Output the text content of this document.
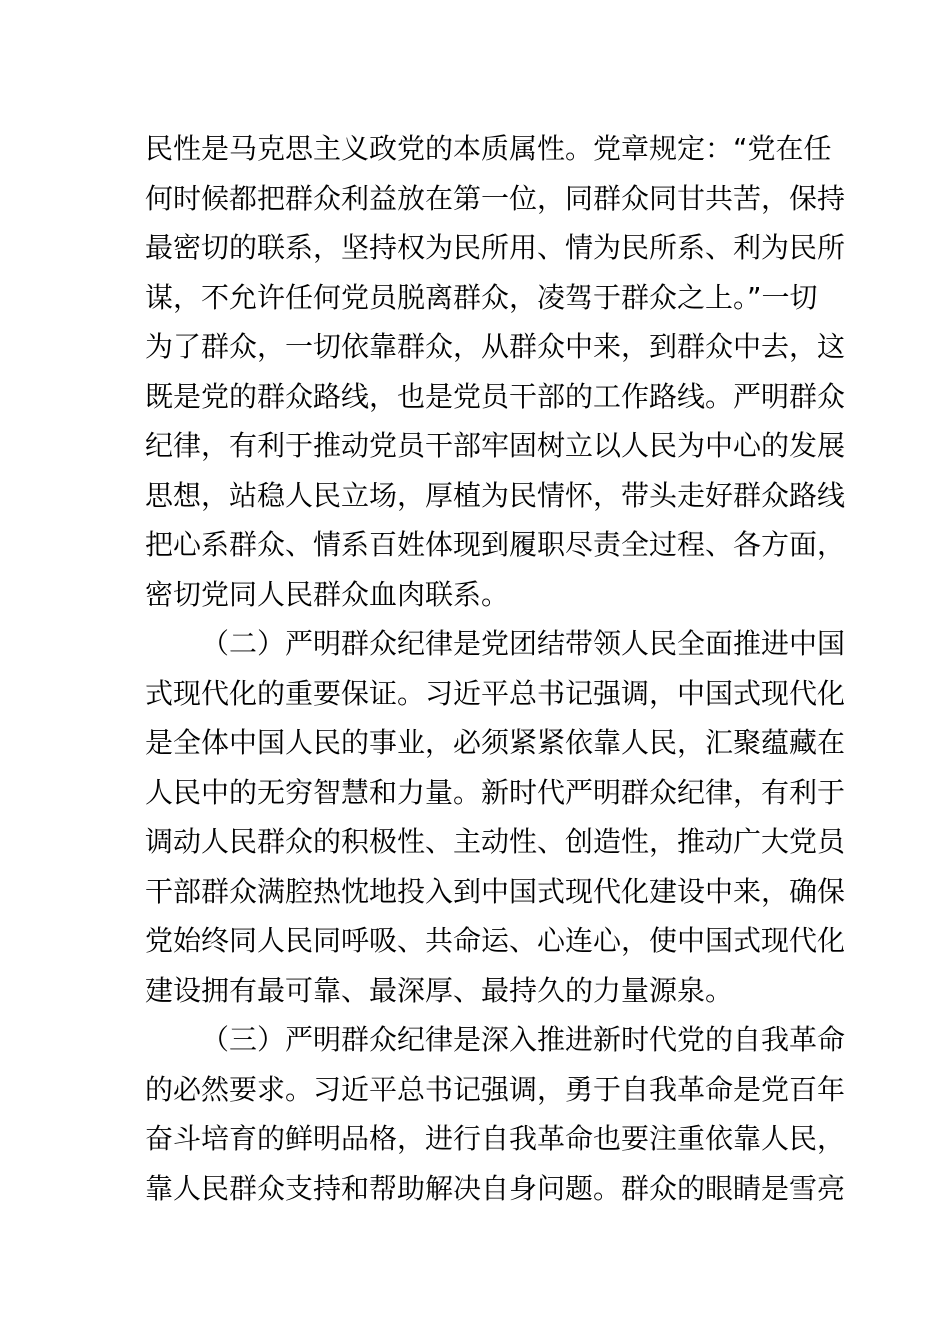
民性是马克思主义政党的本质属性。党章规定：“党在任
何时候都把群众利益放在第一位，同群众同甘共苦，保持
最密切的联系，坚持权为民所用、情为民所系、利为民所
谋，不允许任何党员脱离群众，凌驾于群众之上。”一切
为了群众，一切依靠群众，从群众中来，到群众中去，这
既是党的群众路线，也是党员干部的工作路线。严明群众
纪律，有利于推动党员干部牢固树立以人民为中心的发展
思想，站稳人民立场，厚植为民情怀，带头走好群众路线
把心系群众、情系百姓体现到履职尽责全过程、各方面，
密切党同人民群众血肉联系。
（二）严明群众纪律是党团结带领人民全面推进中国
式现代化的重要保证。习近平总书记强调，中国式现代化
是全体中国人民的事业，必须紧紧依靠人民，汇聚蕴藏在
人民中的无穷智慧和力量。新时代严明群众纪律，有利于
调动人民群众的积极性、主动性、创造性，推动广大党员
干部群众满腔热忱地投入到中国式现代化建设中来，确保
党始终同人民同呼吸、共命运、心连心，使中国式现代化
建设拥有最可靠、最深厚、最持久的力量源泉。
（三）严明群众纪律是深入推进新时代党的自我革命
的必然要求。习近平总书记强调，勇于自我革命是党百年
奋斗培育的鲜明品格，进行自我革命也要注重依靠人民，
靠人民群众支持和帮助解决自身问题。群众的眼睛是雪亮
